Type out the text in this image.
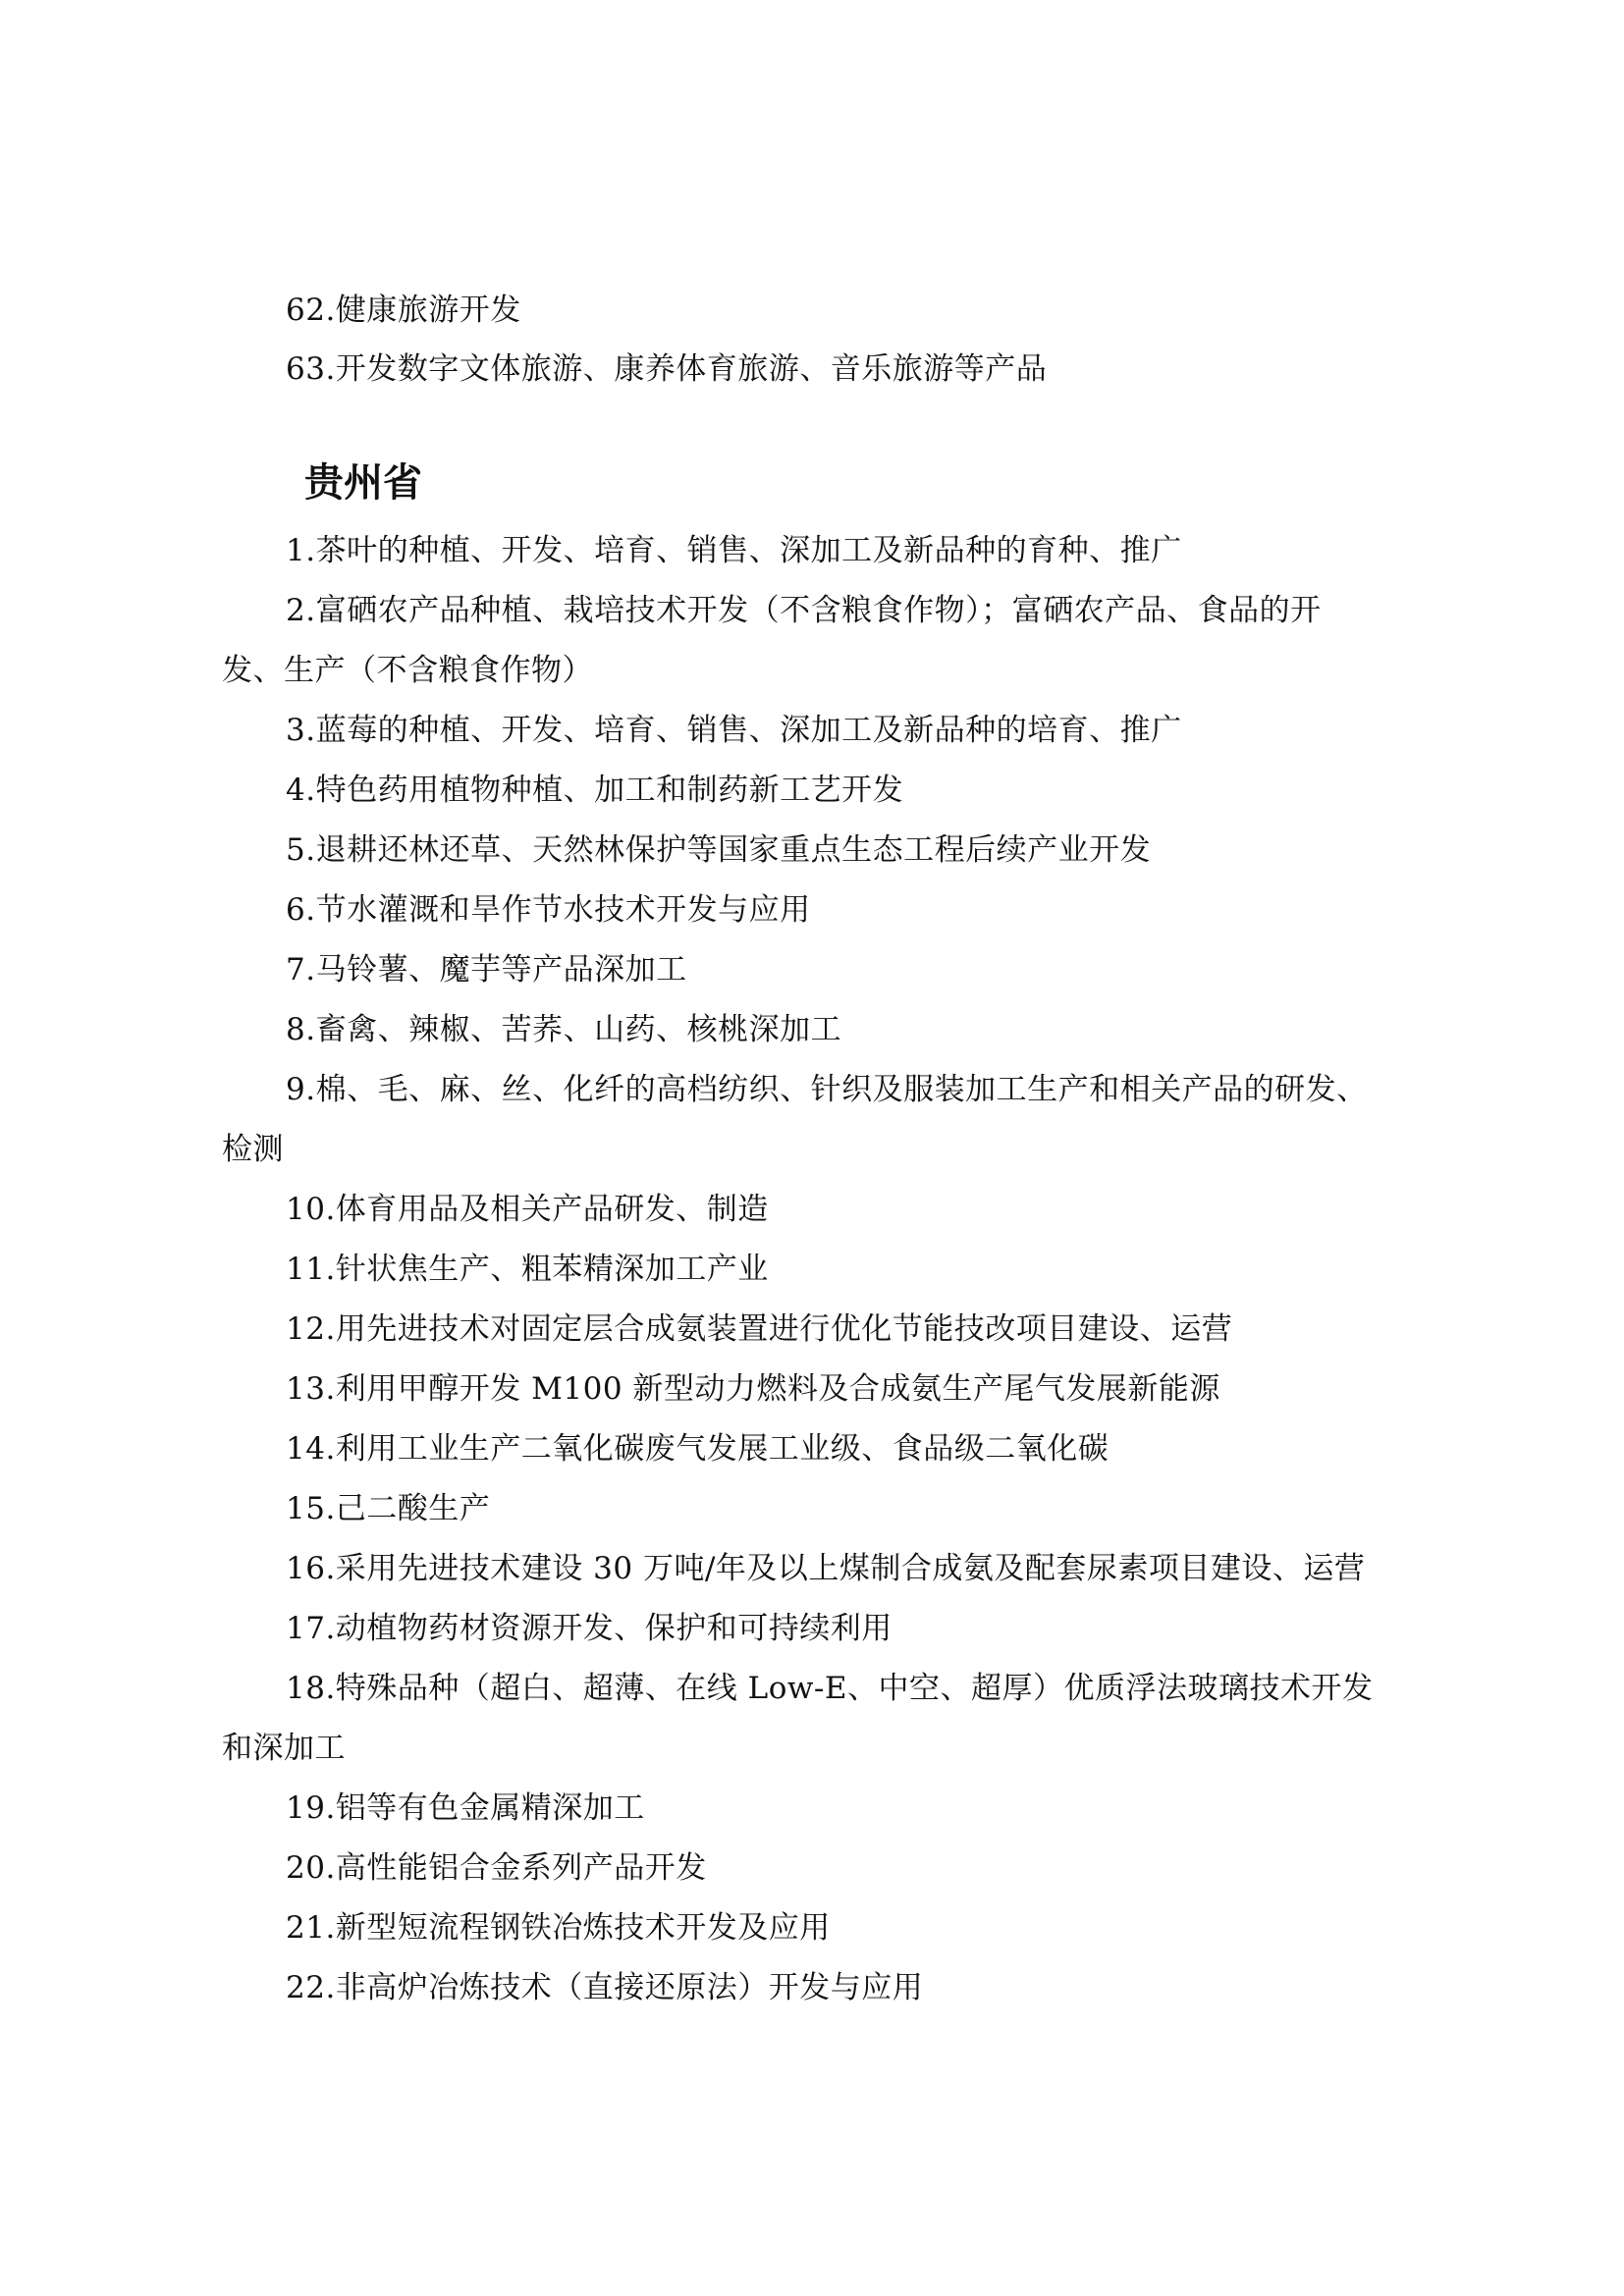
62.健康旅游开发
63.开发数字文体旅游、康养体育旅游、音乐旅游等产品
贵州省
1.茶叶的种植、开发、培育、销售、深加工及新品种的育种、推广
2.富硒农产品种植、栽培技术开发（不含粮食作物）；富硒农产品、食品的开
发、生产（不含粮食作物）
3.蓝莓的种植、开发、培育、销售、深加工及新品种的培育、推广
4.特色药用植物种植、加工和制药新工艺开发
5.退耕还林还草、天然林保护等国家重点生态工程后续产业开发
6.节水灌溉和旱作节水技术开发与应用
7.马铃薯、魔芋等产品深加工
8.畜禽、辣椒、苦荞、山药、核桃深加工
9.棉、毛、麻、丝、化纤的高档纺织、针织及服装加工生产和相关产品的研发、
检测
10.体育用品及相关产品研发、制造
11.针状焦生产、粗苯精深加工产业
12.用先进技术对固定层合成氨装置进行优化节能技改项目建设、运营
13.利用甲醇开发 M100 新型动力燃料及合成氨生产尾气发展新能源
14.利用工业生产二氧化碳废气发展工业级、食品级二氧化碳
15.己二酸生产
16.采用先进技术建设 30 万吨/年及以上煤制合成氨及配套尿素项目建设、运营
17.动植物药材资源开发、保护和可持续利用
18.特殊品种（超白、超薄、在线 Low-E、中空、超厚）优质浮法玻璃技术开发
和深加工
19.铝等有色金属精深加工
20.高性能铝合金系列产品开发
21.新型短流程钢铁冶炼技术开发及应用
22.非高炉冶炼技术（直接还原法）开发与应用
